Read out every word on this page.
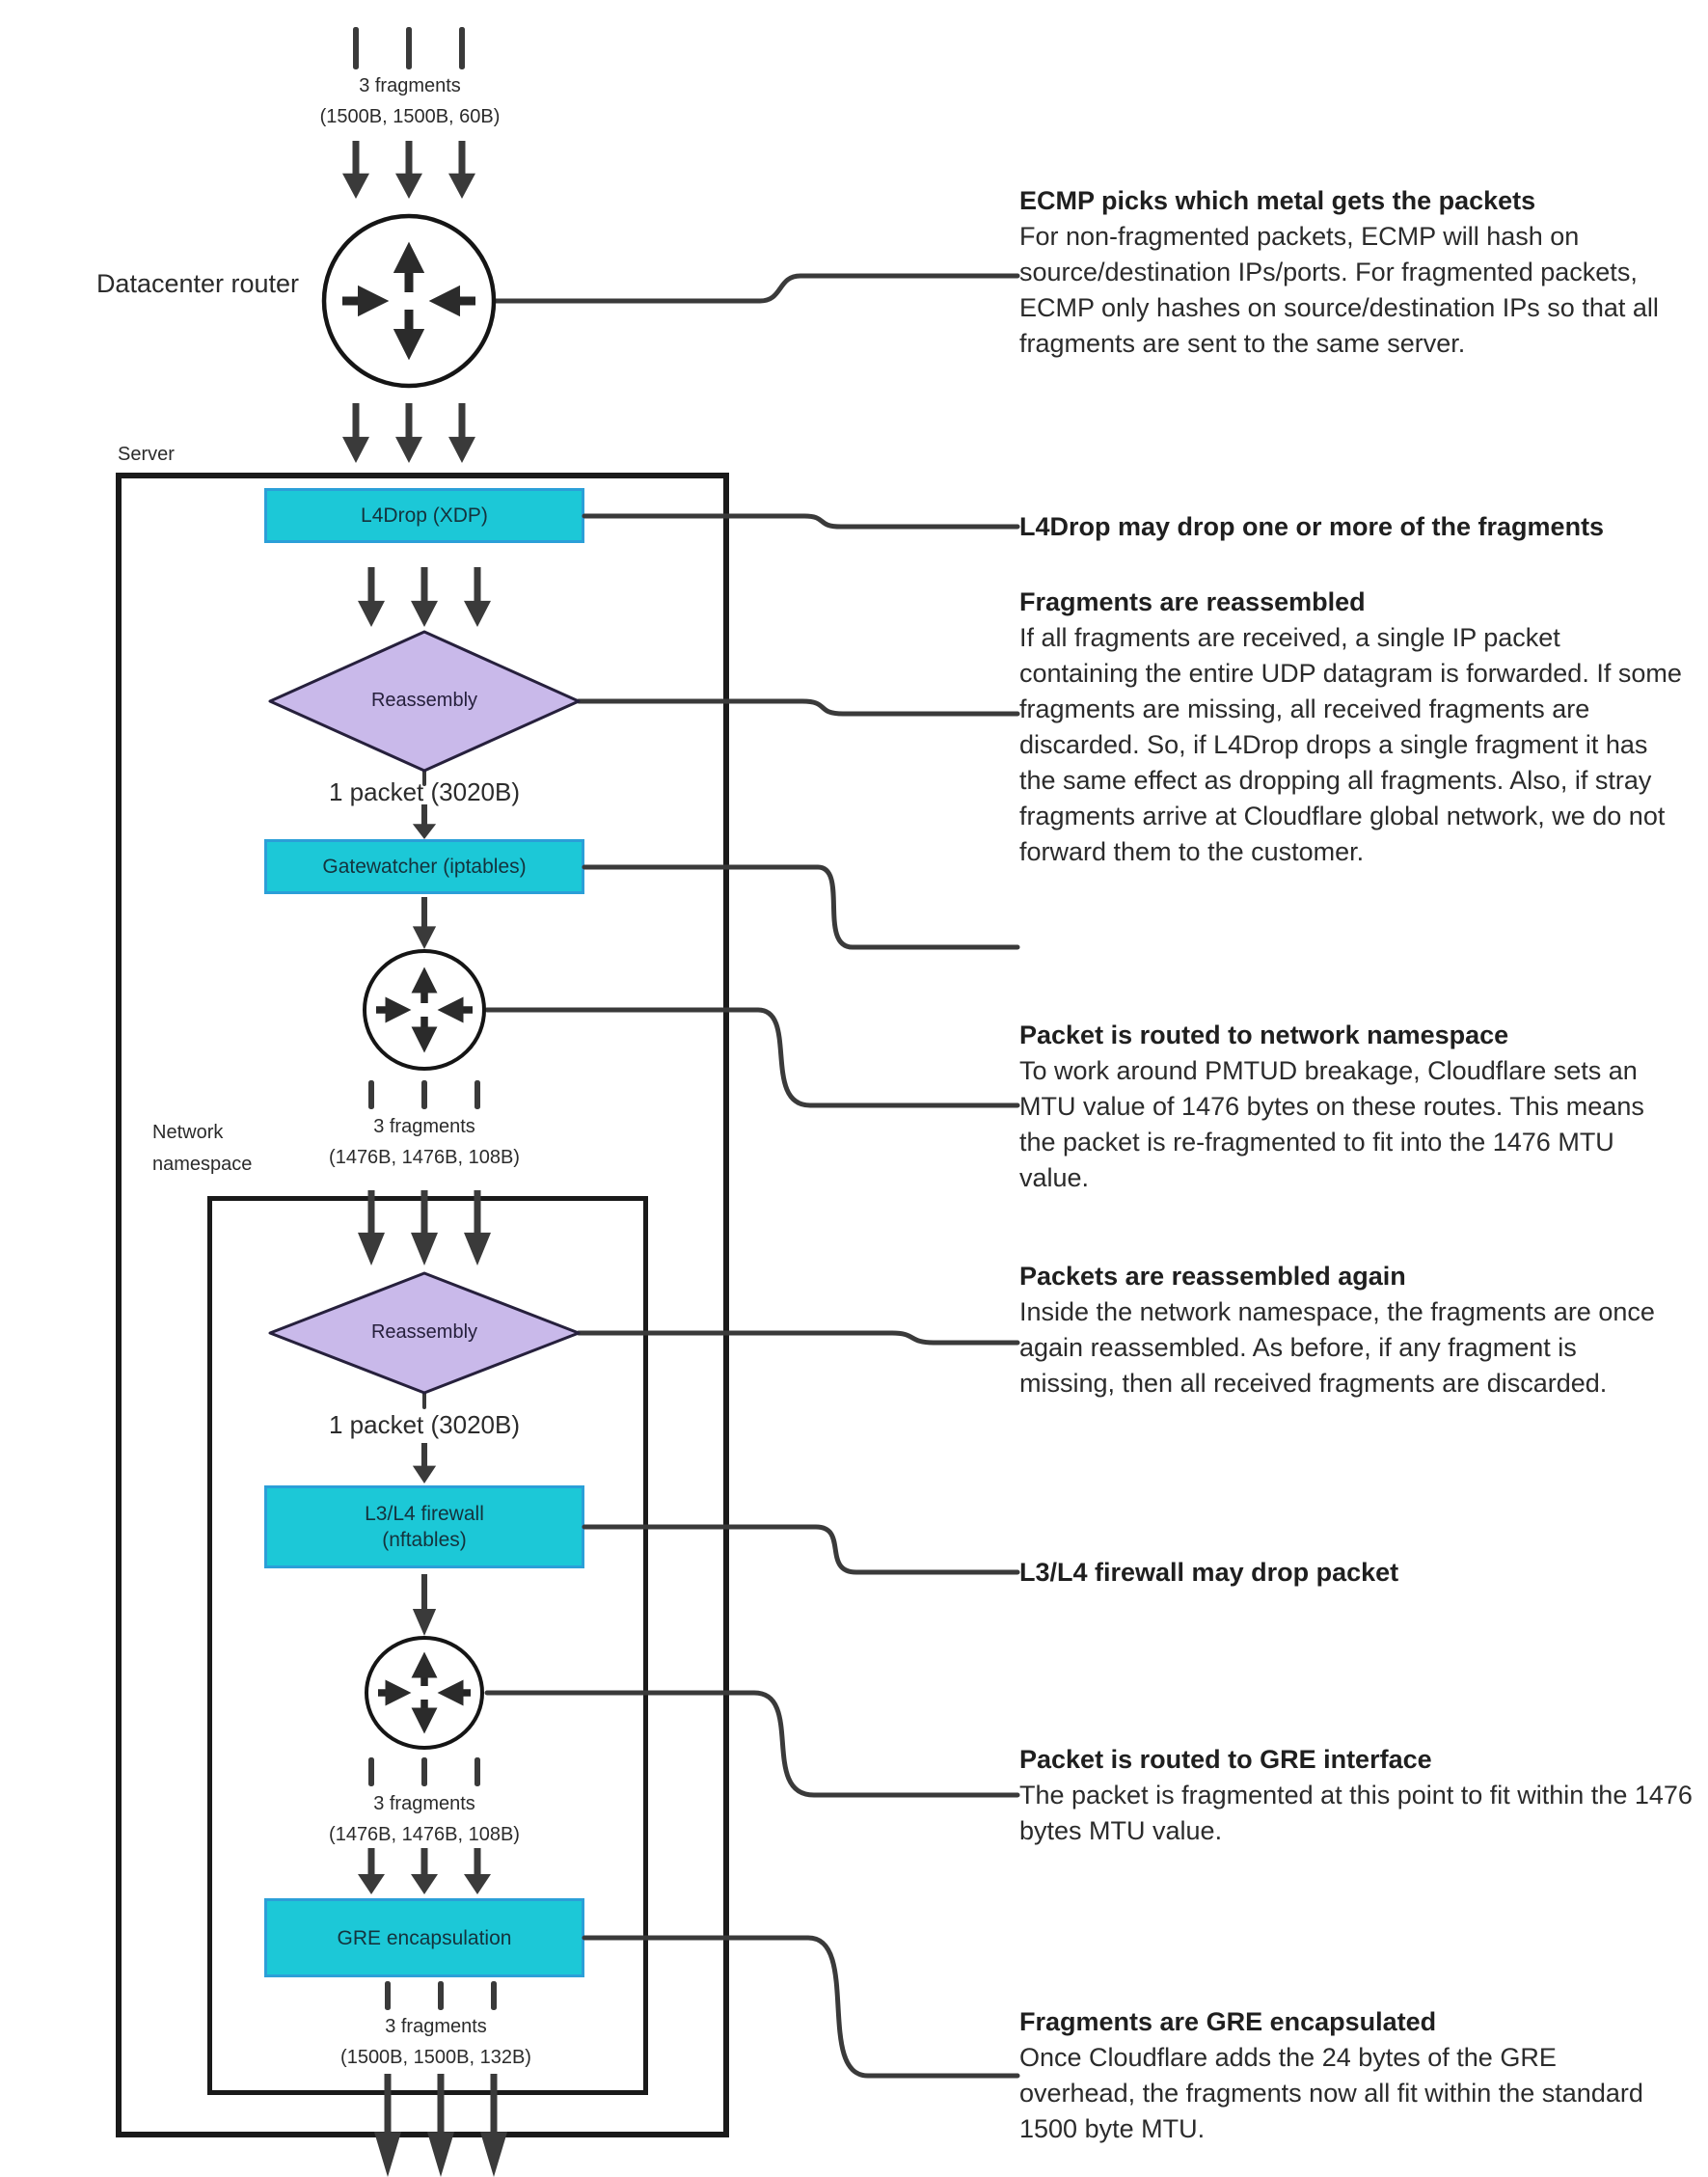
L4Drop (XDP)
Gatewatcher (iptables)
L3/L4 firewall
(nftables)
GRE encapsulation
3 fragments
(1500B, 1500B, 60B)
Datacenter router
Server
Reassembly
1 packet (3020B)
3 fragments
(1476B, 1476B, 108B)
Network namespace
Reassembly
1 packet (3020B)
3 fragments
(1476B, 1476B, 108B)
3 fragments
(1500B, 1500B, 132B)
ECMP picks which metal gets the packets

For non-fragmented packets, ECMP will hash on source/destination IPs/ports. For fragmented packets, ECMP only hashes on source/destination IPs so that all fragments are sent to the same server.

L4Drop may drop one or more of the fragments

Fragments are reassembled

If all fragments are received, a single IP packet containing the entire UDP datagram is forwarded. If some fragments are missing, all received fragments are discarded. So, if L4Drop drops a single fragment it has the same effect as dropping all fragments. Also, if stray fragments arrive at Cloudflare global network, we do not forward them to the customer.

Packet is routed to network namespace

To work around PMTUD breakage, Cloudflare sets an MTU value of 1476 bytes on these routes. This means the packet is re-fragmented to fit into the 1476 MTU value.

Packets are reassembled again

Inside the network namespace, the fragments are once again reassembled. As before, if any fragment is missing, then all received fragments are discarded.

L3/L4 firewall may drop packet

Packet is routed to GRE interface

The packet is fragmented at this point to fit within the 1476 bytes MTU value.

Fragments are GRE encapsulated

Once Cloudflare adds the 24 bytes of the GRE overhead, the fragments now all fit within the standard 1500 byte MTU.
